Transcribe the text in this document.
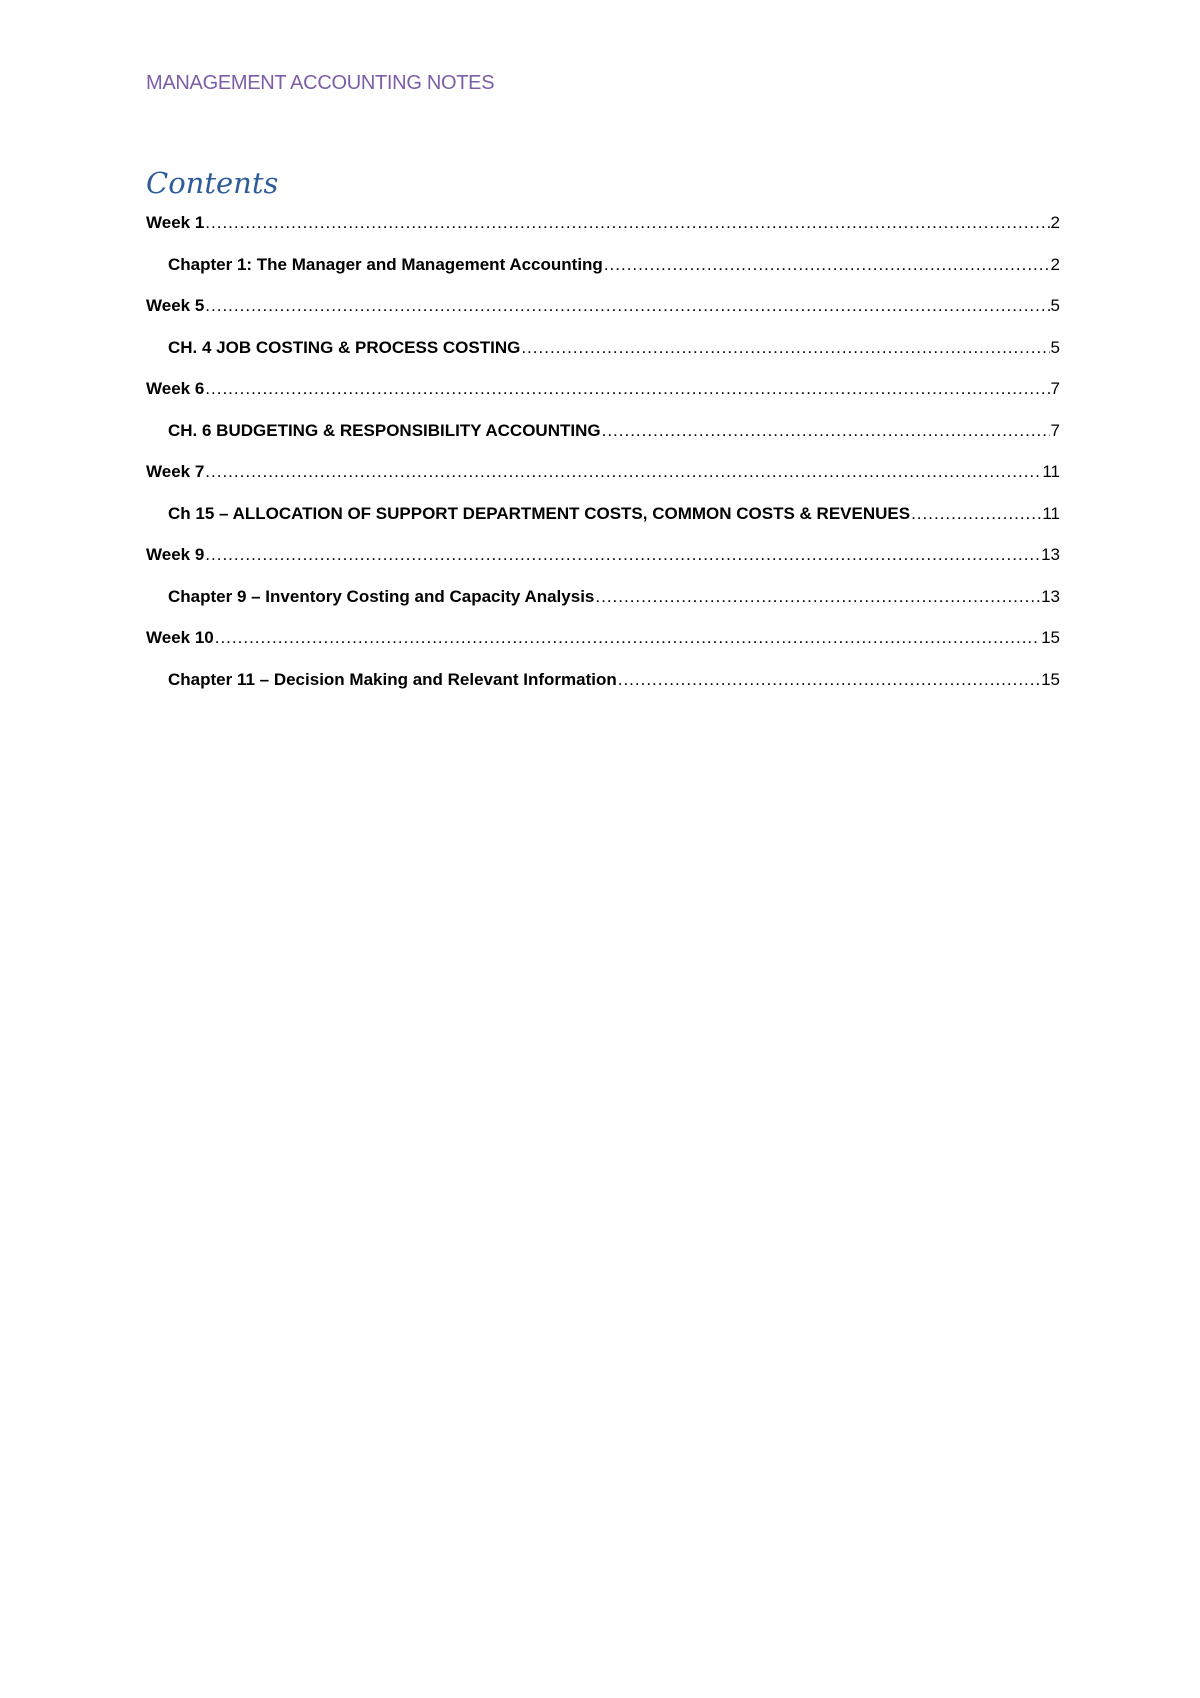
MANAGEMENT ACCOUNTING NOTES
Contents
Week 1 .....	2
Chapter 1: The Manager and Management Accounting .....	2
Week 5 .....	5
CH. 4 JOB COSTING & PROCESS COSTING .....	5
Week 6 .....	7
CH. 6 BUDGETING & RESPONSIBILITY ACCOUNTING .....	7
Week 7 .....	11
Ch 15 – ALLOCATION OF SUPPORT DEPARTMENT COSTS, COMMON COSTS & REVENUES .....	11
Week 9 .....	13
Chapter 9 – Inventory Costing and Capacity Analysis .....	13
Week 10 .....	15
Chapter 11 – Decision Making and Relevant Information .....	15
